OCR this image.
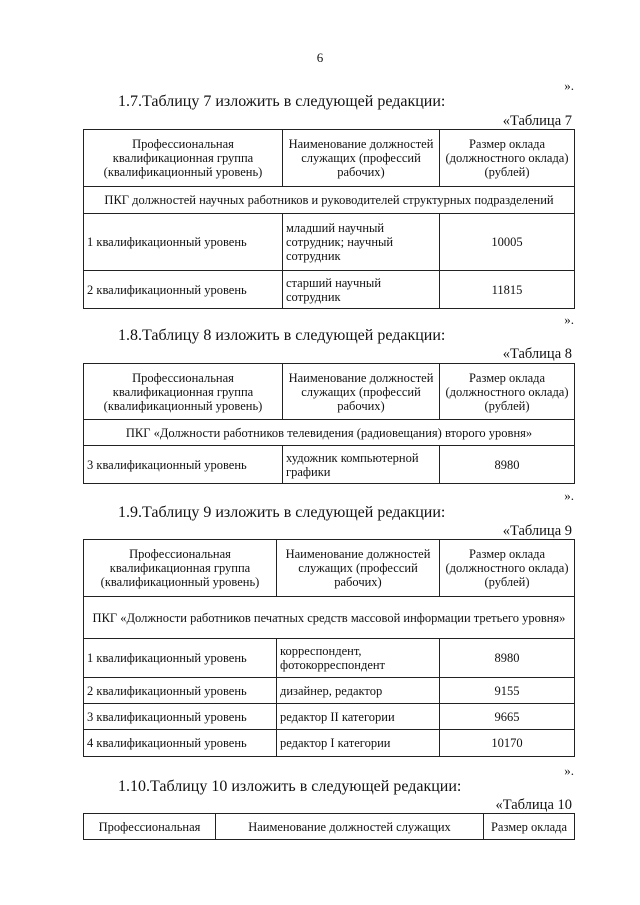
6
».
1.7.Таблицу 7 изложить в следующей редакции:
«Таблица 7
Профессиональная квалификационная группа (квалификационный уровень)	Наименование должностей служащих (профессий рабочих)	Размер оклада (должностного оклада) (рублей)
ПКГ должностей научных работников и руководителей структурных подразделений		
1 квалификационный уровень	младший научный сотрудник; научный сотрудник	10005
2 квалификационный уровень	старший научный сотрудник	11815
».
1.8.Таблицу 8 изложить в следующей редакции:
«Таблица 8
Профессиональная квалификационная группа (квалификационный уровень)	Наименование должностей служащих (профессий рабочих)	Размер оклада (должностного оклада) (рублей)
ПКГ «Должности работников телевидения (радиовещания) второго уровня»		
3 квалификационный уровень	художник компьютерной графики	8980
».
1.9.Таблицу 9 изложить в следующей редакции:
«Таблица 9
Профессиональная квалификационная группа (квалификационный уровень)	Наименование должностей служащих (профессий рабочих)	Размер оклада (должностного оклада) (рублей)
ПКГ «Должности работников печатных средств массовой информации третьего уровня»		
1 квалификационный уровень	корреспондент, фотокорреспондент	8980
2 квалификационный уровень	дизайнер, редактор	9155
3 квалификационный уровень	редактор II категории	9665
4 квалификационный уровень	редактор I категории	10170
».
1.10.Таблицу 10 изложить в следующей редакции:
«Таблица 10
Профессиональная	Наименование должностей служащих	Размер оклада
